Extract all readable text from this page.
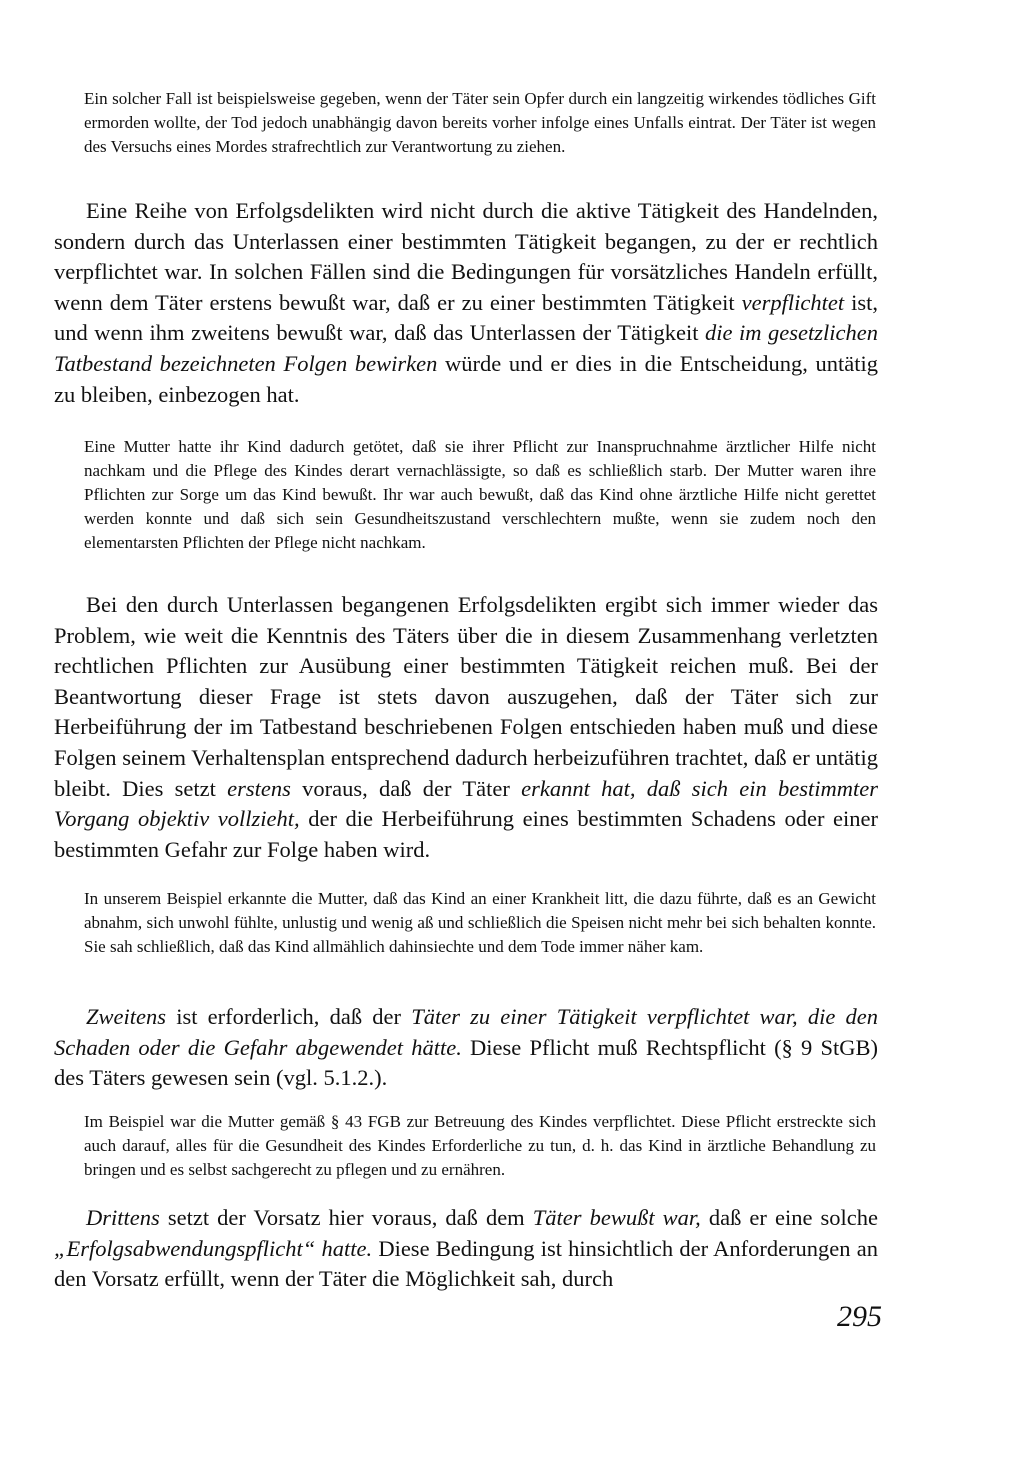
Ein solcher Fall ist beispielsweise gegeben, wenn der Täter sein Opfer durch ein langzeitig wirkendes tödliches Gift ermorden wollte, der Tod jedoch unabhängig davon bereits vorher infolge eines Unfalls eintrat. Der Täter ist wegen des Versuchs eines Mordes strafrechtlich zur Verantwortung zu ziehen.

Eine Reihe von Erfolgsdelikten wird nicht durch die aktive Tätigkeit des Handelnden, sondern durch das Unterlassen einer bestimmten Tätigkeit begangen, zu der er rechtlich verpflichtet war. In solchen Fällen sind die Bedingungen für vorsätzliches Handeln erfüllt, wenn dem Täter erstens bewußt war, daß er zu einer bestimmten Tätigkeit verpflichtet ist, und wenn ihm zweitens bewußt war, daß das Unterlassen der Tätigkeit die im gesetzlichen Tatbestand bezeichneten Folgen bewirken würde und er dies in die Entscheidung, untätig zu bleiben, einbezogen hat.

Eine Mutter hatte ihr Kind dadurch getötet, daß sie ihrer Pflicht zur Inanspruchnahme ärztlicher Hilfe nicht nachkam und die Pflege des Kindes derart vernachlässigte, so daß es schließlich starb. Der Mutter waren ihre Pflichten zur Sorge um das Kind bewußt. Ihr war auch bewußt, daß das Kind ohne ärztliche Hilfe nicht gerettet werden konnte und daß sich sein Gesundheitszustand verschlechtern mußte, wenn sie zudem noch den elementarsten Pflichten der Pflege nicht nachkam.

Bei den durch Unterlassen begangenen Erfolgsdelikten ergibt sich immer wieder das Problem, wie weit die Kenntnis des Täters über die in diesem Zusammenhang verletzten rechtlichen Pflichten zur Ausübung einer bestimmten Tätigkeit reichen muß. Bei der Beantwortung dieser Frage ist stets davon auszugehen, daß der Täter sich zur Herbeiführung der im Tatbestand beschriebenen Folgen entschieden haben muß und diese Folgen seinem Verhaltensplan entsprechend dadurch herbeizuführen trachtet, daß er untätig bleibt. Dies setzt erstens voraus, daß der Täter erkannt hat, daß sich ein bestimmter Vorgang objektiv vollzieht, der die Herbeiführung eines bestimmten Schadens oder einer bestimmten Gefahr zur Folge haben wird.

In unserem Beispiel erkannte die Mutter, daß das Kind an einer Krankheit litt, die dazu führte, daß es an Gewicht abnahm, sich unwohl fühlte, unlustig und wenig aß und schließlich die Speisen nicht mehr bei sich behalten konnte. Sie sah schließlich, daß das Kind allmählich dahinsiechte und dem Tode immer näher kam.

Zweitens ist erforderlich, daß der Täter zu einer Tätigkeit verpflichtet war, die den Schaden oder die Gefahr abgewendet hätte. Diese Pflicht muß Rechtspflicht (§ 9 StGB) des Täters gewesen sein (vgl. 5.1.2.).

Im Beispiel war die Mutter gemäß § 43 FGB zur Betreuung des Kindes verpflichtet. Diese Pflicht erstreckte sich auch darauf, alles für die Gesundheit des Kindes Erforderliche zu tun, d. h. das Kind in ärztliche Behandlung zu bringen und es selbst sachgerecht zu pflegen und zu ernähren.

Drittens setzt der Vorsatz hier voraus, daß dem Täter bewußt war, daß er eine solche „Erfolgsabwendungspflicht“ hatte. Diese Bedingung ist hinsichtlich der Anforderungen an den Vorsatz erfüllt, wenn der Täter die Möglichkeit sah, durch

295
